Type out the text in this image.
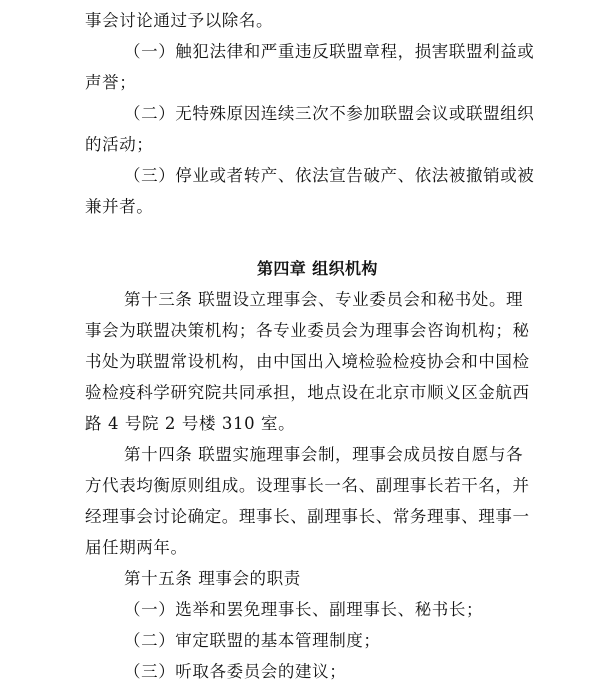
事会讨论通过予以除名。
（一）触犯法律和严重违反联盟章程，损害联盟利益或
声誉；
（二）无特殊原因连续三次不参加联盟会议或联盟组织
的活动；
（三）停业或者转产、依法宣告破产、依法被撤销或被
兼并者。
第四章 组织机构
第十三条 联盟设立理事会、专业委员会和秘书处。理
事会为联盟决策机构；各专业委员会为理事会咨询机构；秘
书处为联盟常设机构，由中国出入境检验检疫协会和中国检
验检疫科学研究院共同承担，地点设在北京市顺义区金航西
路 4 号院 2 号楼 310 室。
第十四条 联盟实施理事会制，理事会成员按自愿与各
方代表均衡原则组成。设理事长一名、副理事长若干名，并
经理事会讨论确定。理事长、副理事长、常务理事、理事一
届任期两年。
第十五条 理事会的职责
（一）选举和罢免理事长、副理事长、秘书长；
（二）审定联盟的基本管理制度；
（三）听取各委员会的建议；
